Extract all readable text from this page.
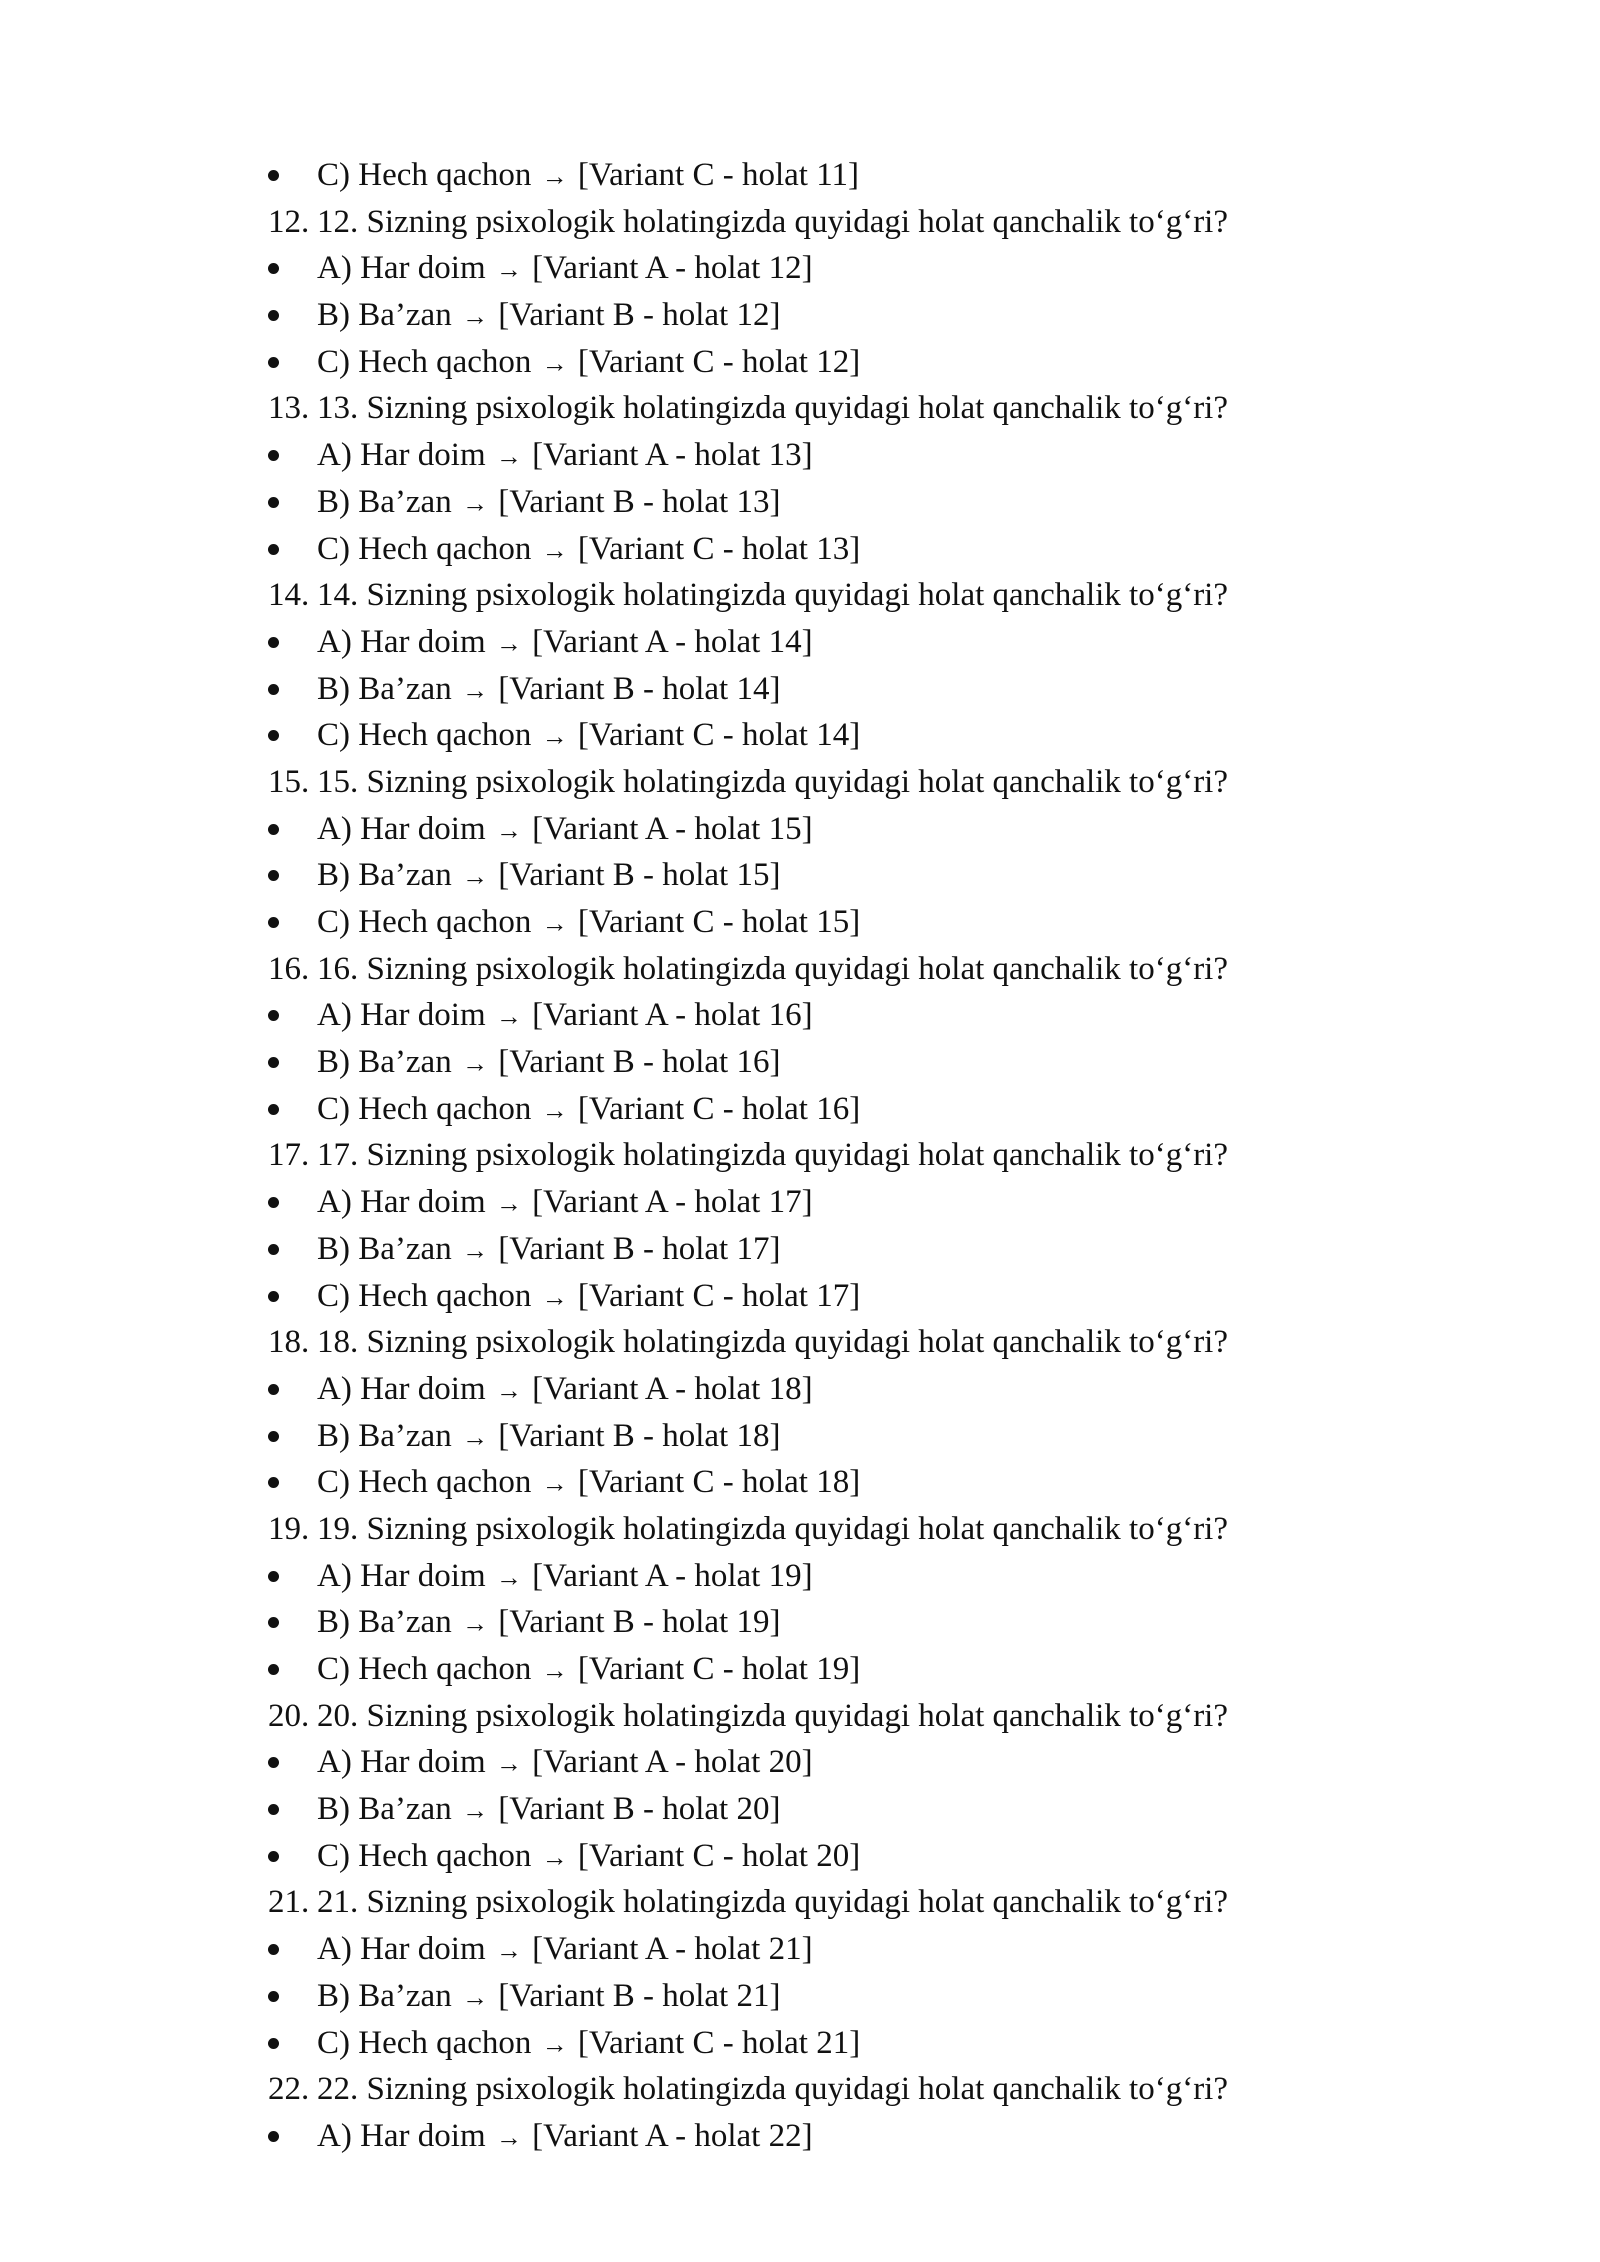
C) Hech qachon → [Variant C - holat 11]
12. 12. Sizning psixologik holatingizda quyidagi holat qanchalik to‘g‘ri?
A) Har doim → [Variant A - holat 12]
B) Ba’zan → [Variant B - holat 12]
C) Hech qachon → [Variant C - holat 12]
13. 13. Sizning psixologik holatingizda quyidagi holat qanchalik to‘g‘ri?
A) Har doim → [Variant A - holat 13]
B) Ba’zan → [Variant B - holat 13]
C) Hech qachon → [Variant C - holat 13]
14. 14. Sizning psixologik holatingizda quyidagi holat qanchalik to‘g‘ri?
A) Har doim → [Variant A - holat 14]
B) Ba’zan → [Variant B - holat 14]
C) Hech qachon → [Variant C - holat 14]
15. 15. Sizning psixologik holatingizda quyidagi holat qanchalik to‘g‘ri?
A) Har doim → [Variant A - holat 15]
B) Ba’zan → [Variant B - holat 15]
C) Hech qachon → [Variant C - holat 15]
16. 16. Sizning psixologik holatingizda quyidagi holat qanchalik to‘g‘ri?
A) Har doim → [Variant A - holat 16]
B) Ba’zan → [Variant B - holat 16]
C) Hech qachon → [Variant C - holat 16]
17. 17. Sizning psixologik holatingizda quyidagi holat qanchalik to‘g‘ri?
A) Har doim → [Variant A - holat 17]
B) Ba’zan → [Variant B - holat 17]
C) Hech qachon → [Variant C - holat 17]
18. 18. Sizning psixologik holatingizda quyidagi holat qanchalik to‘g‘ri?
A) Har doim → [Variant A - holat 18]
B) Ba’zan → [Variant B - holat 18]
C) Hech qachon → [Variant C - holat 18]
19. 19. Sizning psixologik holatingizda quyidagi holat qanchalik to‘g‘ri?
A) Har doim → [Variant A - holat 19]
B) Ba’zan → [Variant B - holat 19]
C) Hech qachon → [Variant C - holat 19]
20. 20. Sizning psixologik holatingizda quyidagi holat qanchalik to‘g‘ri?
A) Har doim → [Variant A - holat 20]
B) Ba’zan → [Variant B - holat 20]
C) Hech qachon → [Variant C - holat 20]
21. 21. Sizning psixologik holatingizda quyidagi holat qanchalik to‘g‘ri?
A) Har doim → [Variant A - holat 21]
B) Ba’zan → [Variant B - holat 21]
C) Hech qachon → [Variant C - holat 21]
22. 22. Sizning psixologik holatingizda quyidagi holat qanchalik to‘g‘ri?
A) Har doim → [Variant A - holat 22]
